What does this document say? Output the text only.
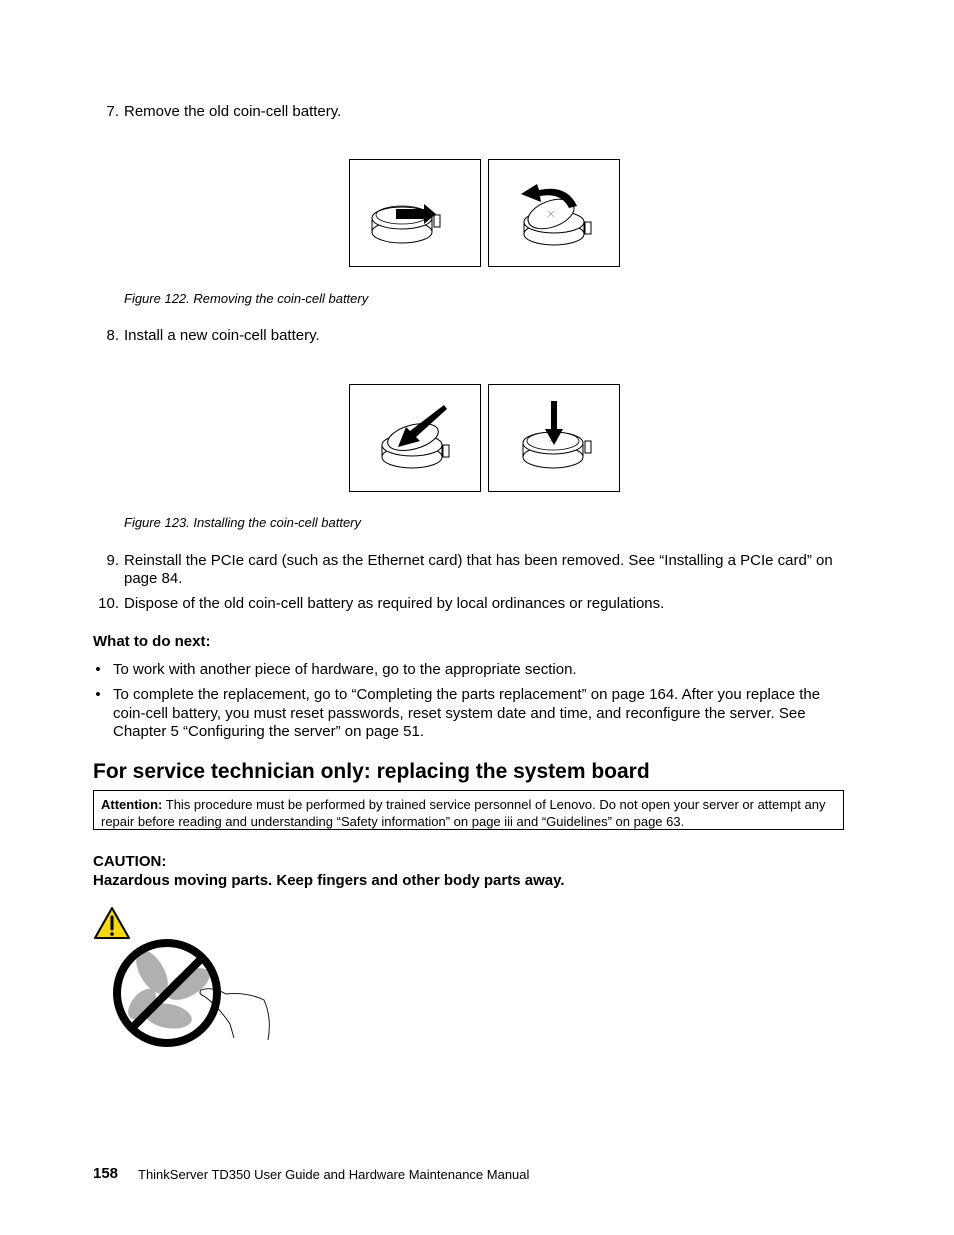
7. Remove the old coin-cell battery.
Figure 122. Removing the coin-cell battery
8. Install a new coin-cell battery.
Figure 123. Installing the coin-cell battery
9. Reinstall the PCIe card (such as the Ethernet card) that has been removed. See “Installing a PCIe card” on page 84.
10. Dispose of the old coin-cell battery as required by local ordinances or regulations.
What to do next:
• To work with another piece of hardware, go to the appropriate section.
• To complete the replacement, go to “Completing the parts replacement” on page 164. After you replace the coin-cell battery, you must reset passwords, reset system date and time, and reconfigure the server. See Chapter 5 “Configuring the server” on page 51.
For service technician only: replacing the system board
Attention: This procedure must be performed by trained service personnel of Lenovo. Do not open your server or attempt any repair before reading and understanding “Safety information” on page iii and “Guidelines” on page 63.
CAUTION:
Hazardous moving parts. Keep fingers and other body parts away.
158 ThinkServer TD350 User Guide and Hardware Maintenance Manual
